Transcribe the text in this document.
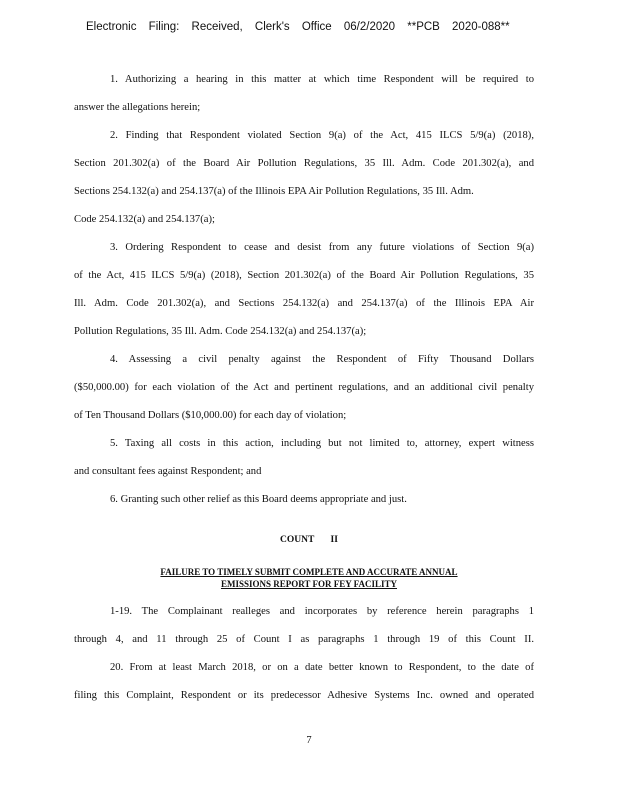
Electronic Filing: Received, Clerk's Office 06/2/2020 **PCB 2020-088**
1. Authorizing a hearing in this matter at which time Respondent will be required to
answer the allegations herein;
2. Finding that Respondent violated Section 9(a) of the Act, 415 ILCS 5/9(a) (2018),
Section 201.302(a) of the Board Air Pollution Regulations, 35 Ill. Adm. Code 201.302(a), and
Sections 254.132(a) and 254.137(a) of the Illinois EPA Air Pollution Regulations, 35 Ill. Adm.
Code 254.132(a) and 254.137(a);
3. Ordering Respondent to cease and desist from any future violations of Section 9(a)
of the Act, 415 ILCS 5/9(a) (2018), Section 201.302(a) of the Board Air Pollution Regulations, 35
Ill. Adm. Code 201.302(a), and Sections 254.132(a) and 254.137(a) of the Illinois EPA Air
Pollution Regulations, 35 Ill. Adm. Code 254.132(a) and 254.137(a);
4. Assessing a civil penalty against the Respondent of Fifty Thousand Dollars
($50,000.00) for each violation of the Act and pertinent regulations, and an additional civil penalty
of Ten Thousand Dollars ($10,000.00) for each day of violation;
5. Taxing all costs in this action, including but not limited to, attorney, expert witness
and consultant fees against Respondent; and
6. Granting such other relief as this Board deems appropriate and just.
COUNT II
FAILURE TO TIMELY SUBMIT COMPLETE AND ACCURATE ANNUAL
EMISSIONS REPORT FOR FEY FACILITY
1-19. The Complainant realleges and incorporates by reference herein paragraphs 1
through 4, and 11 through 25 of Count I as paragraphs 1 through 19 of this Count II.
20. From at least March 2018, or on a date better known to Respondent, to the date of
filing this Complaint, Respondent or its predecessor Adhesive Systems Inc. owned and operated
7
